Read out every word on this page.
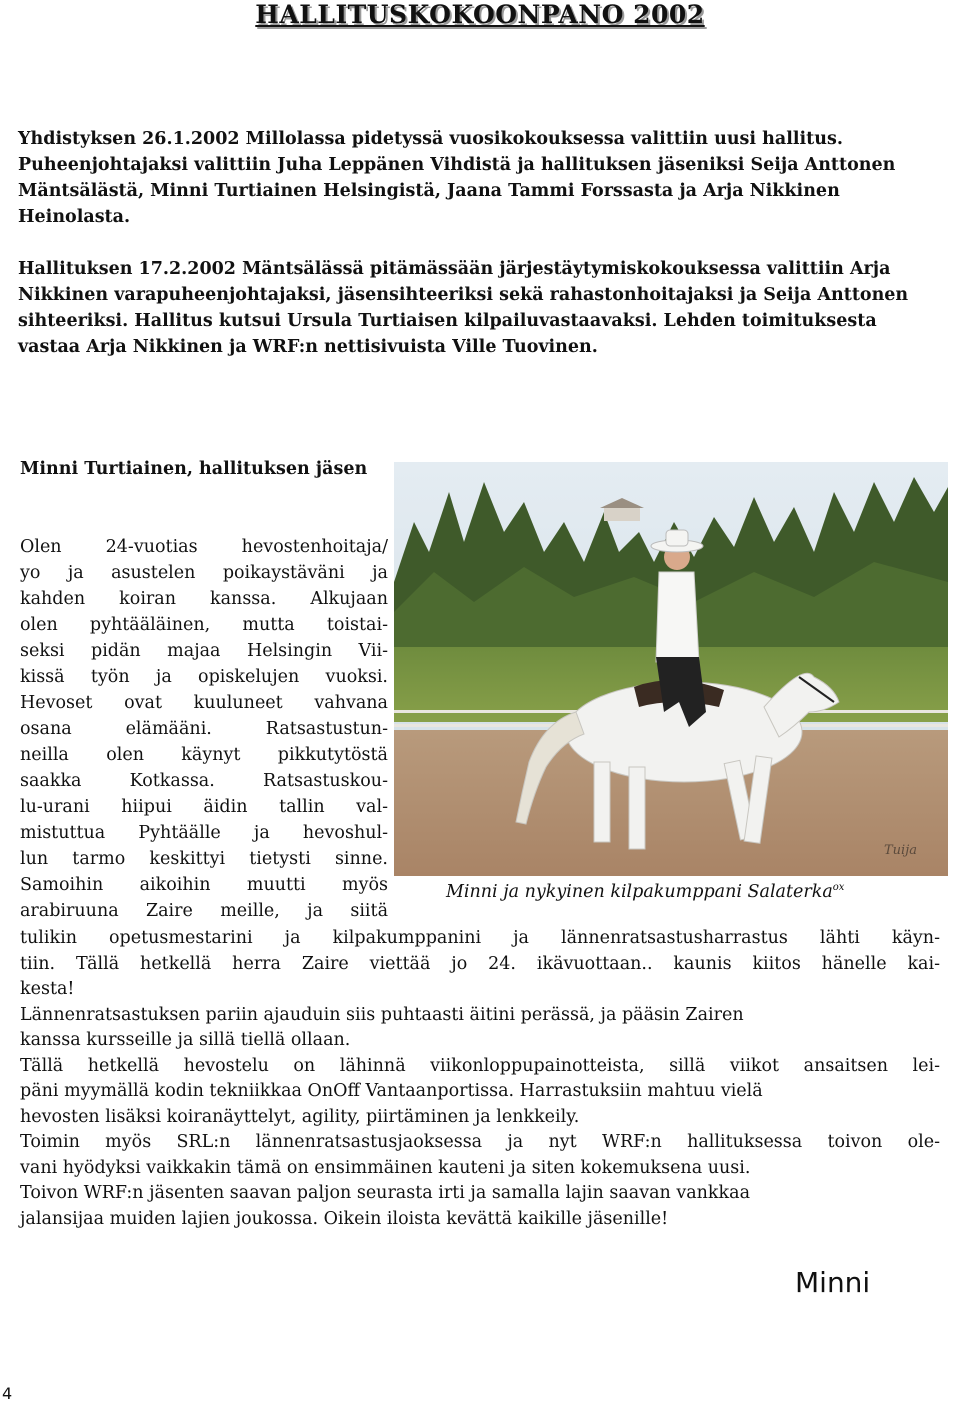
HALLITUSKOKOONPANO 2002

Yhdistyksen 26.1.2002 Millolassa pidetyssä vuosikokouksessa valittiin uusi hallitus. Puheenjohtajaksi valittiin Juha Leppänen Vihdistä ja hallituksen jäseniksi Seija Anttonen Mäntsälästä, Minni Turtiainen Helsingistä, Jaana Tammi Forssasta ja Arja Nikkinen Heinolasta.

Hallituksen 17.2.2002 Mäntsälässä pitämässään järjestäytymiskokouksessa valittiin Arja Nikkinen varapuheenjohtajaksi, jäsensihteeriksi sekä rahastonhoitajaksi ja Seija Anttonen sihteeriksi. Hallitus kutsui Ursula Turtiaisen kilpailuvastaavaksi. Lehden toimituksesta vastaa Arja Nikkinen ja WRF:n nettisivuista Ville Tuovinen.

Minni Turtiainen, hallituksen jäsen
Olen 24-vuotias hevostenhoitaja/
yo ja asustelen poikaystäväni ja
kahden koiran kanssa. Alkujaan
olen pyhtääläinen, mutta toistai-
seksi pidän majaa Helsingin Vii-
kissä työn ja opiskelujen vuoksi.
Hevoset ovat kuuluneet vahvana
osana elämääni. Ratsastustun-
neilla olen käynyt pikkutytöstä
saakka Kotkassa. Ratsastuskou-
lu-urani hiipui äidin tallin val-
mistuttua Pyhtäälle ja hevoshul-
lun tarmo keskittyi tietysti sinne.
Samoihin aikoihin muutti myös
arabiruuna Zaire meille, ja siitä
Tuija
Minni ja nykyinen kilpakumppani Salaterka$^{ox}$
tulikin opetusmestarini ja kilpakumppanini ja lännenratsastusharrastus lähti käyn-
tiin. Tällä hetkellä herra Zaire viettää jo 24. ikävuottaan.. kaunis kiitos hänelle kai-
kesta!
Lännenratsastuksen pariin ajauduin siis puhtaasti äitini perässä, ja pääsin Zairen
kanssa kursseille ja sillä tiellä ollaan.
Tällä hetkellä hevostelu on lähinnä viikonloppupainotteista, sillä viikot ansaitsen lei-
päni myymällä kodin tekniikkaa OnOff Vantaanportissa. Harrastuksiin mahtuu vielä
hevosten lisäksi koiranäyttelyt, agility, piirtäminen ja lenkkeily.
Toimin myös SRL:n lännenratsastusjaoksessa ja nyt WRF:n hallituksessa toivon ole-
vani hyödyksi vaikkakin tämä on ensimmäinen kauteni ja siten kokemuksena uusi.
Toivon WRF:n jäsenten saavan paljon seurasta irti ja samalla lajin saavan vankkaa
jalansijaa muiden lajien joukossa. Oikein iloista kevättä kaikille jäsenille!
Minni
4
